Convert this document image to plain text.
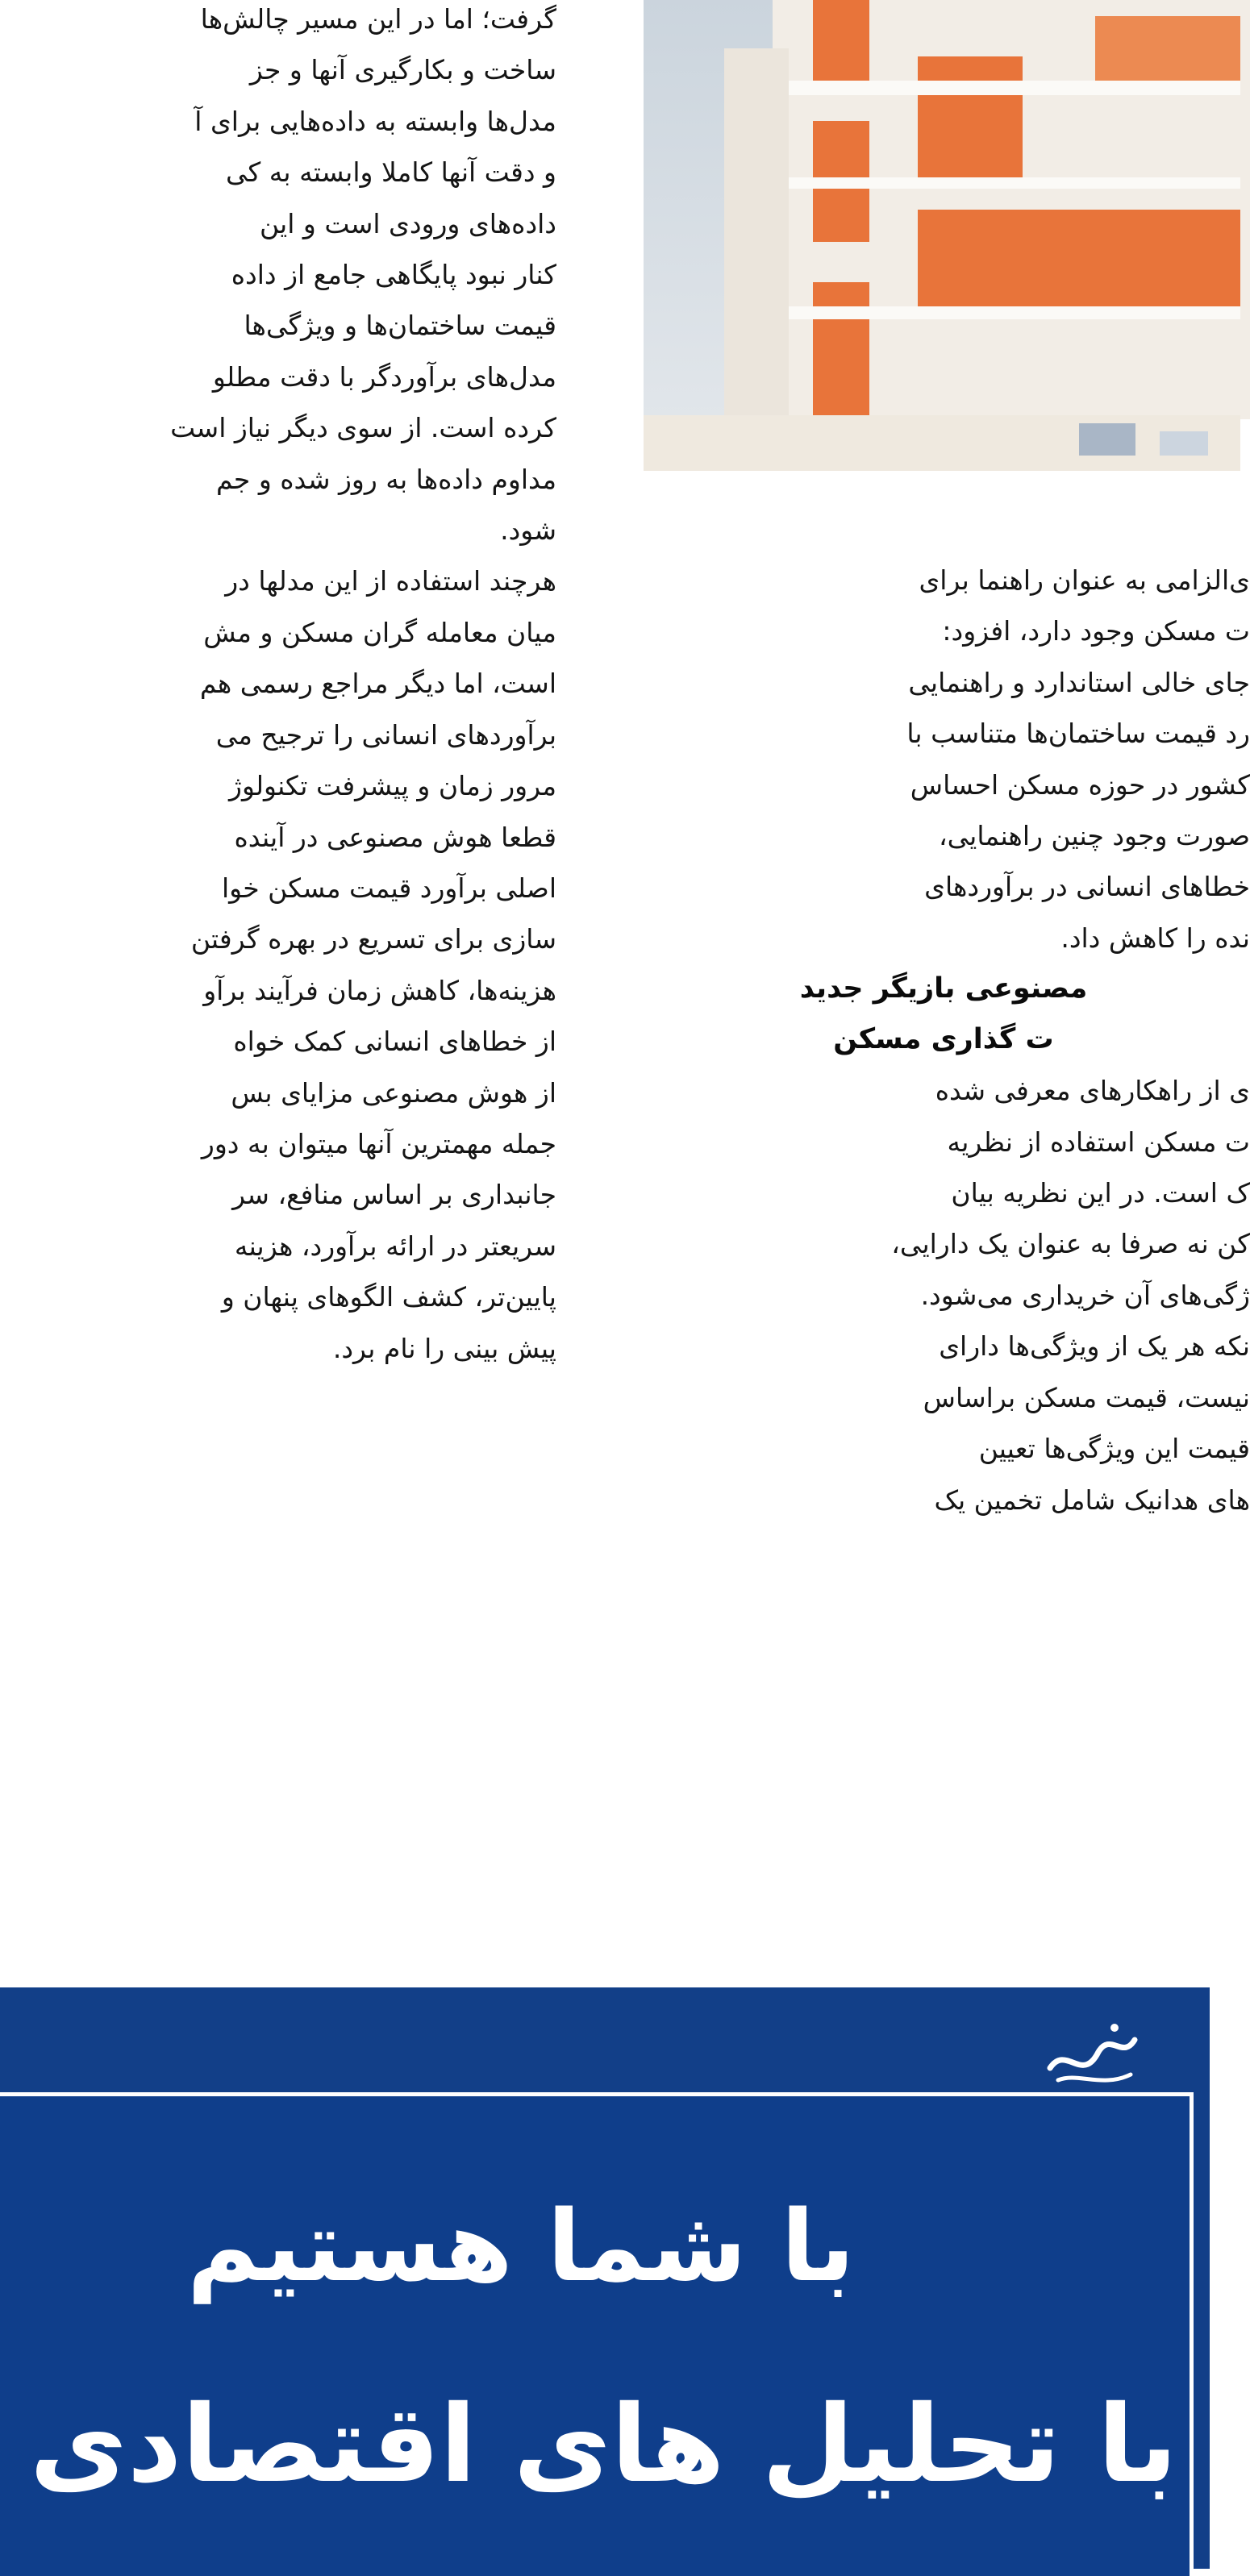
گرفت؛ اما در این مسیر چالش‌ها

ساخت و بکارگیری آنها و جز

مدل‌ها وابسته به داده‌هایی برای آ

و دقت آنها کاملا وابسته به کی

داده‌های ورودی است و این

کنار نبود پایگاهی جامع از داده

قیمت ساختمان‌ها و ویژگی‌ها

مدل‌های برآوردگر با دقت مطلو

کرده است. از سوی دیگر نیاز است

مداوم داده‌ها به روز شده و جم

شود.

هرچند استفاده از این مدلها در

میان معامله گران مسکن و مش

است، اما دیگر مراجع رسمی هم

برآوردهای انسانی را ترجیح می

مرور زمان و پیشرفت تکنولوژ

قطعا هوش مصنوعی در آینده

اصلی برآورد قیمت مسکن خوا

سازی برای تسریع در بهره گرفتن

هزینه‌ها، کاهش زمان فرآیند برآو

از خطاهای انسانی کمک خواه

از هوش مصنوعی مزایای بس

جمله مهمترین آنها میتوان به دور

جانبداری بر اساس منافع، سر

سریعتر در ارائه برآورد، هزینه

پایین‌تر، کشف الگوهای پنهان و

پیش بینی را نام برد.

ی‌الزامی به عنوان راهنما برای

ت مسکن وجود دارد، افزود:

جای خالی استاندارد و راهنمایی

رد قیمت ساختمان‌ها متناسب با

کشور در حوزه مسکن احساس

صورت وجود چنین راهنمایی،

خطاهای انسانی در برآوردهای

نده را کاهش داد.

مصنوعی بازیگر جدید
ت گذاری مسکن

ی از راهکارهای معرفی شده

ت مسکن استفاده از نظریه

ک است. در این نظریه بیان

کن نه صرفا به عنوان یک دارایی،

ژگی‌های آن خریداری می‌شود.

نکه هر یک از ویژگی‌ها دارای

نیست، قیمت مسکن براساس

قیمت این ویژگی‌ها تعیین

های هدانیک شامل تخمین یک

با شما هستیم
با تحلیل های اقتصادی
